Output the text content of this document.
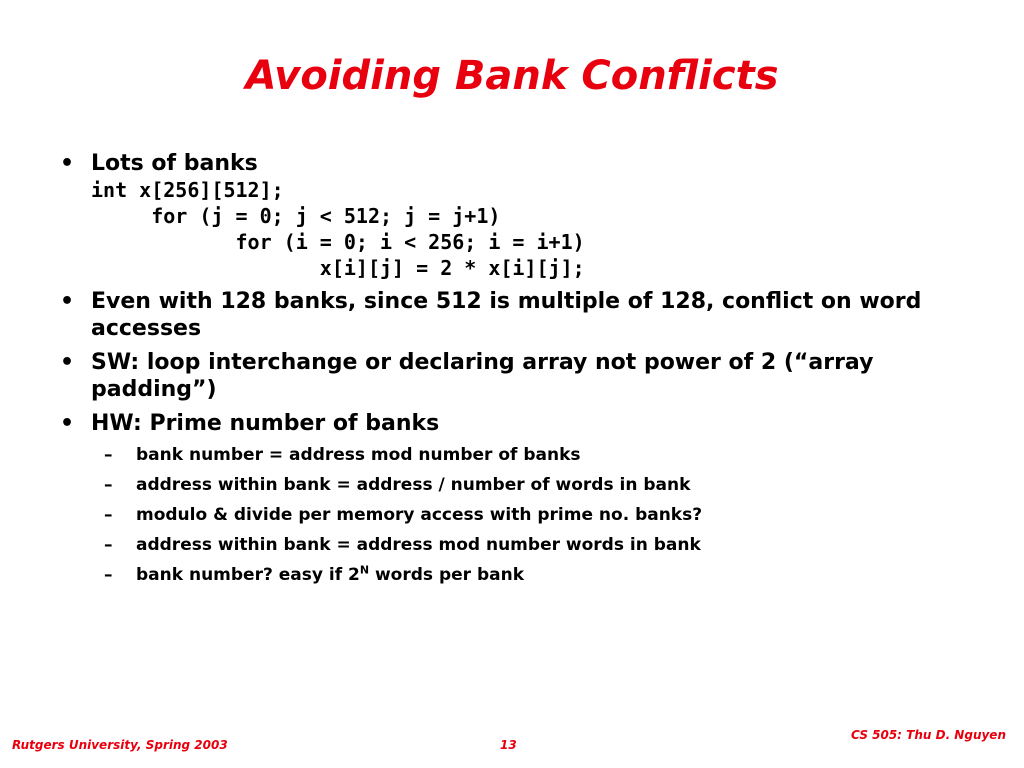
Avoiding Bank Conflicts
• Lots of banks
int x[256][512];
for (j = 0; j < 512; j = j+1)
for (i = 0; i < 256; i = i+1)
x[i][j] = 2 * x[i][j];
• Even with 128 banks, since 512 is multiple of 128, conflict on word accesses
• SW: loop interchange or declaring array not power of 2 (“array padding”)
• HW: Prime number of banks
– bank number = address mod number of banks
– address within bank = address / number of words in bank
– modulo & divide per memory access with prime no. banks?
– address within bank = address mod number words in bank
– bank number? easy if $2^N$ words per bank
Rutgers University, Spring 2003	13
CS 505: Thu D. Nguyen
